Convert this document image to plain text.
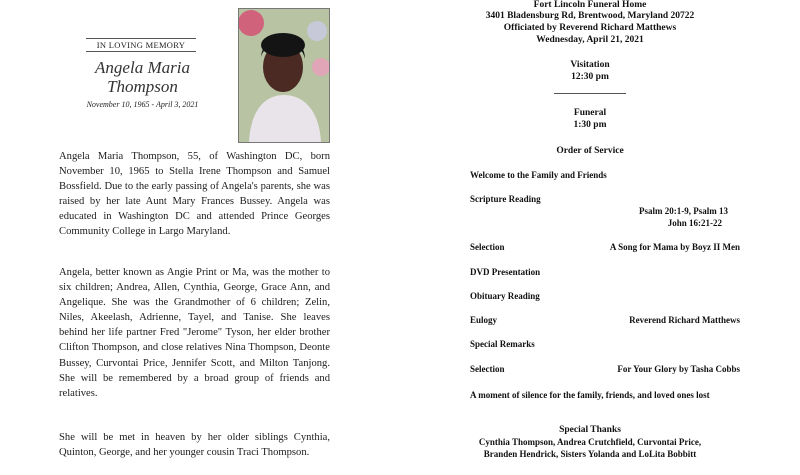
IN LOVING MEMORY
Angela Maria
Thompson
November 10, 1965 - April 3, 2021

Angela Maria Thompson, 55, of Washington DC, born November 10, 1965 to Stella Irene Thompson and Samuel Bossfield. Due to the early passing of Angela's parents, she was raised by her late Aunt Mary Frances Bussey. Angela was educated in Washington DC and attended Prince Georges Community College in Largo Maryland.

Angela, better known as Angie Print or Ma, was the mother to six children; Andrea, Allen, Cynthia, George, Grace Ann, and Angelique. She was the Grandmother of 6 children; Zelin, Niles, Akeelash, Adrienne, Tayel, and Tanise. She leaves behind her life partner Fred "Jerome" Tyson, her elder brother Clifton Thompson, and close relatives Nina Thompson, Deonte Bussey, Curvontai Price, Jennifer Scott, and Milton Tanjong. She will be remembered by a broad group of friends and relatives.

She will be met in heaven by her older siblings Cynthia, Quinton, George, and her younger cousin Traci Thompson.

Fort Lincoln Funeral Home
3401 Bladensburg Rd, Brentwood, Maryland 20722
Officiated by Reverend Richard Matthews
Wednesday, April 21, 2021
Visitation
12:30 pm
Funeral
1:30 pm
Order of Service
Welcome to the Family and Friends
Scripture Reading
Psalm 20:1-9, Psalm 13
John 16:21-22
Selection	A Song for Mama by Boyz II Men
DVD Presentation
Obituary Reading
Eulogy	Reverend Richard Matthews
Special Remarks
Selection	For Your Glory by Tasha Cobbs
A moment of silence for the family, friends, and loved ones lost
Special Thanks
Cynthia Thompson, Andrea Crutchfield, Curvontai Price,
Branden Hendrick, Sisters Yolanda and LoLita Bobbitt
